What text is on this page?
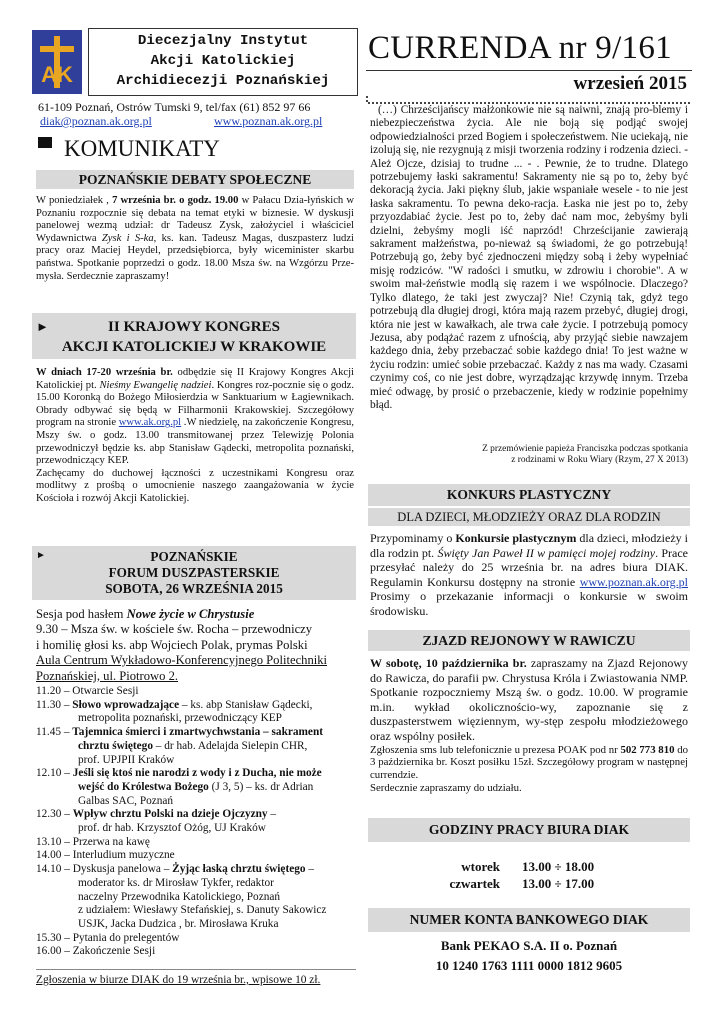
AK
Diecezjalny Instytut
Akcji Katolickiej
Archidiecezji Poznańskiej
CURRENDA nr 9/161
wrzesień 2015
61-109 Poznań, Ostrów Tumski 9, tel/fax (61) 852 97 66
diak@poznan.ak.org.pl	www.poznan.ak.org.pl
KOMUNIKATY
POZNAŃSKIE DEBATY SPOŁECZNE
W poniedziałek , 7 września br. o godz. 19.00 w Pałacu Dzia-łyńskich w Poznaniu rozpocznie się debata na temat etyki w biznesie. W dyskusji panelowej wezmą udział: dr Tadeusz Zysk, założyciel i właściciel Wydawnictwa Zysk i S-ka, ks. kan. Tadeusz Magas, duszpasterz ludzi pracy oraz Maciej Heydel, przedsiębiorca, były wiceminister skarbu państwa. Spotkanie poprzedzi o godz. 18.00 Msza św. na Wzgórzu Prze-mysła. Serdecznie zapraszamy!
►	II KRAJOWY KONGRES
AKCJI KATOLICKIEJ W KRAKOWIE

W dniach 17-20 września br. odbędzie się II Krajowy Kongres Akcji Katolickiej pt. Nieśmy Ewangelię nadziei. Kongres roz-pocznie się o godz. 15.00 Koronką do Bożego Miłosierdzia w Sanktuarium w Łagiewnikach. Obrady odbywać się będą w Filharmonii Krakowskiej. Szczegółowy program na stronie www.ak.org.pl .W niedzielę, na zakończenie Kongresu, Mszy św. o godz. 13.00 transmitowanej przez Telewizję Polonia przewodniczył będzie ks. abp Stanisław Gądecki, metropolita poznański, przewodniczący KEP.

Zachęcamy do duchowej łączności z uczestnikami Kongresu oraz modlitwy z prośbą o umocnienie naszego zaangażowania w życie Kościoła i rozwój Akcji Katolickiej.

►	POZNAŃSKIE
FORUM DUSZPASTERSKIE
SOBOTA, 26 WRZEŚNIA 2015
Sesja pod hasłem Nowe życie w Chrystusie
9.30 – Msza św. w kościele św. Rocha – przewodniczy
i homilię głosi ks. abp Wojciech Polak, prymas Polski
Aula Centrum Wykładowo-Konferencyjnego Politechniki
Poznańskiej, ul. Piotrowo 2.
11.20 – Otwarcie Sesji
11.30 – Słowo wprowadzające – ks. abp Stanisław Gądecki,
metropolita poznański, przewodniczący KEP
11.45 – Tajemnica śmierci i zmartwychwstania – sakrament
chrztu świętego – dr hab. Adelajda Sielepin CHR,
prof. UPJPII Kraków
12.10 – Jeśli się ktoś nie narodzi z wody i z Ducha, nie może
wejść do Królestwa Bożego (J 3, 5) – ks. dr Adrian
Galbas SAC, Poznań
12.30 – Wpływ chrztu Polski na dzieje Ojczyzny –
prof. dr hab. Krzysztof Ożóg, UJ Kraków
13.10 – Przerwa na kawę
14.00 – Interludium muzyczne
14.10 – Dyskusja panelowa – Żyjąc łaską chrztu świętego –
moderator ks. dr Mirosław Tykfer, redaktor
naczelny Przewodnika Katolickiego, Poznań
z udziałem: Wiesławy Stefańskiej, s. Danuty Sakowicz
USJK, Jacka Dudzica , br. Mirosława Kruka
15.30 – Pytania do prelegentów
16.00 – Zakończenie Sesji
Zgłoszenia w biurze DIAK do 19 września br., wpisowe 10 zł.
(…) Chrześcijańscy małżonkowie nie są naiwni, znają pro-blemy i niebezpieczeństwa życia. Ale nie boją się podjąć swojej odpowiedzialności przed Bogiem i społeczeństwem. Nie uciekają, nie izolują się, nie rezygnują z misji tworzenia rodziny i rodzenia dzieci. - Ależ Ojcze, dzisiaj to trudne ... - . Pewnie, że to trudne. Dlatego potrzebujemy łaski sakramentu! Sakramenty nie są po to, żeby być dekoracją życia. Jaki piękny ślub, jakie wspaniałe wesele - to nie jest łaska sakramentu. To pewna deko-racja. Łaska nie jest po to, żeby przyozdabiać życie. Jest po to, żeby dać nam moc, żebyśmy byli dzielni, żebyśmy mogli iść naprzód! Chrześcijanie zawierają sakrament małżeństwa, po-nieważ są świadomi, że go potrzebują! Potrzebują go, żeby być zjednoczeni między sobą i żeby wypełniać misję rodziców. "W radości i smutku, w zdrowiu i chorobie". A w swoim mał-żeństwie modlą się razem i we wspólnocie. Dlaczego? Tylko dlatego, że taki jest zwyczaj? Nie! Czynią tak, gdyż tego potrzebują dla długiej drogi, która mają razem przebyć, długiej drogi, która nie jest w kawałkach, ale trwa całe życie. I potrzebują pomocy Jezusa, aby podążać razem z ufnością, aby przyjąć siebie nawzajem każdego dnia, żeby przebaczać sobie każdego dnia! To jest ważne w życiu rodzin: umieć sobie przebaczać. Każdy z nas ma wady. Czasami czynimy coś, co nie jest dobre, wyrządzając krzywdę innym. Trzeba mieć odwagę, by prosić o przebaczenie, kiedy w rodzinie popełnimy błąd.
Z przemówienie papieża Franciszka podczas spotkania
z rodzinami w Roku Wiary (Rzym, 27 X 2013)
KONKURS PLASTYCZNY
DLA DZIECI, MŁODZIEŻY ORAZ DLA RODZIN
Przypominamy o Konkursie plastycznym dla dzieci, młodzieży i dla rodzin pt. Święty Jan Paweł II w pamięci mojej rodziny. Prace przesyłać należy do 25 września br. na adres biura DIAK. Regulamin Konkursu dostępny na stronie www.poznan.ak.org.pl Prosimy o przekazanie informacji o konkursie w swoim środowisku.
ZJAZD REJONOWY W RAWICZU

W sobotę, 10 października br. zapraszamy na Zjazd Rejonowy do Rawicza, do parafii pw. Chrystusa Króla i Zwiastowania NMP. Spotkanie rozpoczniemy Mszą św. o godz. 10.00. W programie m.in. wykład okolicznościo-wy, zapoznanie się z duszpasterstwem więziennym, wy-stęp zespołu młodzieżowego oraz wspólny posiłek.

Zgłoszenia sms lub telefonicznie u prezesa POAK pod nr 502 773 810 do 3 października br. Koszt posiłku 15zł. Szczegółowy program w następnej currendzie.

Serdecznie zapraszamy do udziału.

GODZINY PRACY BIURA DIAK
wtorek	13.00 ÷ 18.00
czwartek	13.00 ÷ 17.00
NUMER KONTA BANKOWEGO DIAK
Bank PEKAO S.A. II o. Poznań
10 1240 1763 1111 0000 1812 9605
